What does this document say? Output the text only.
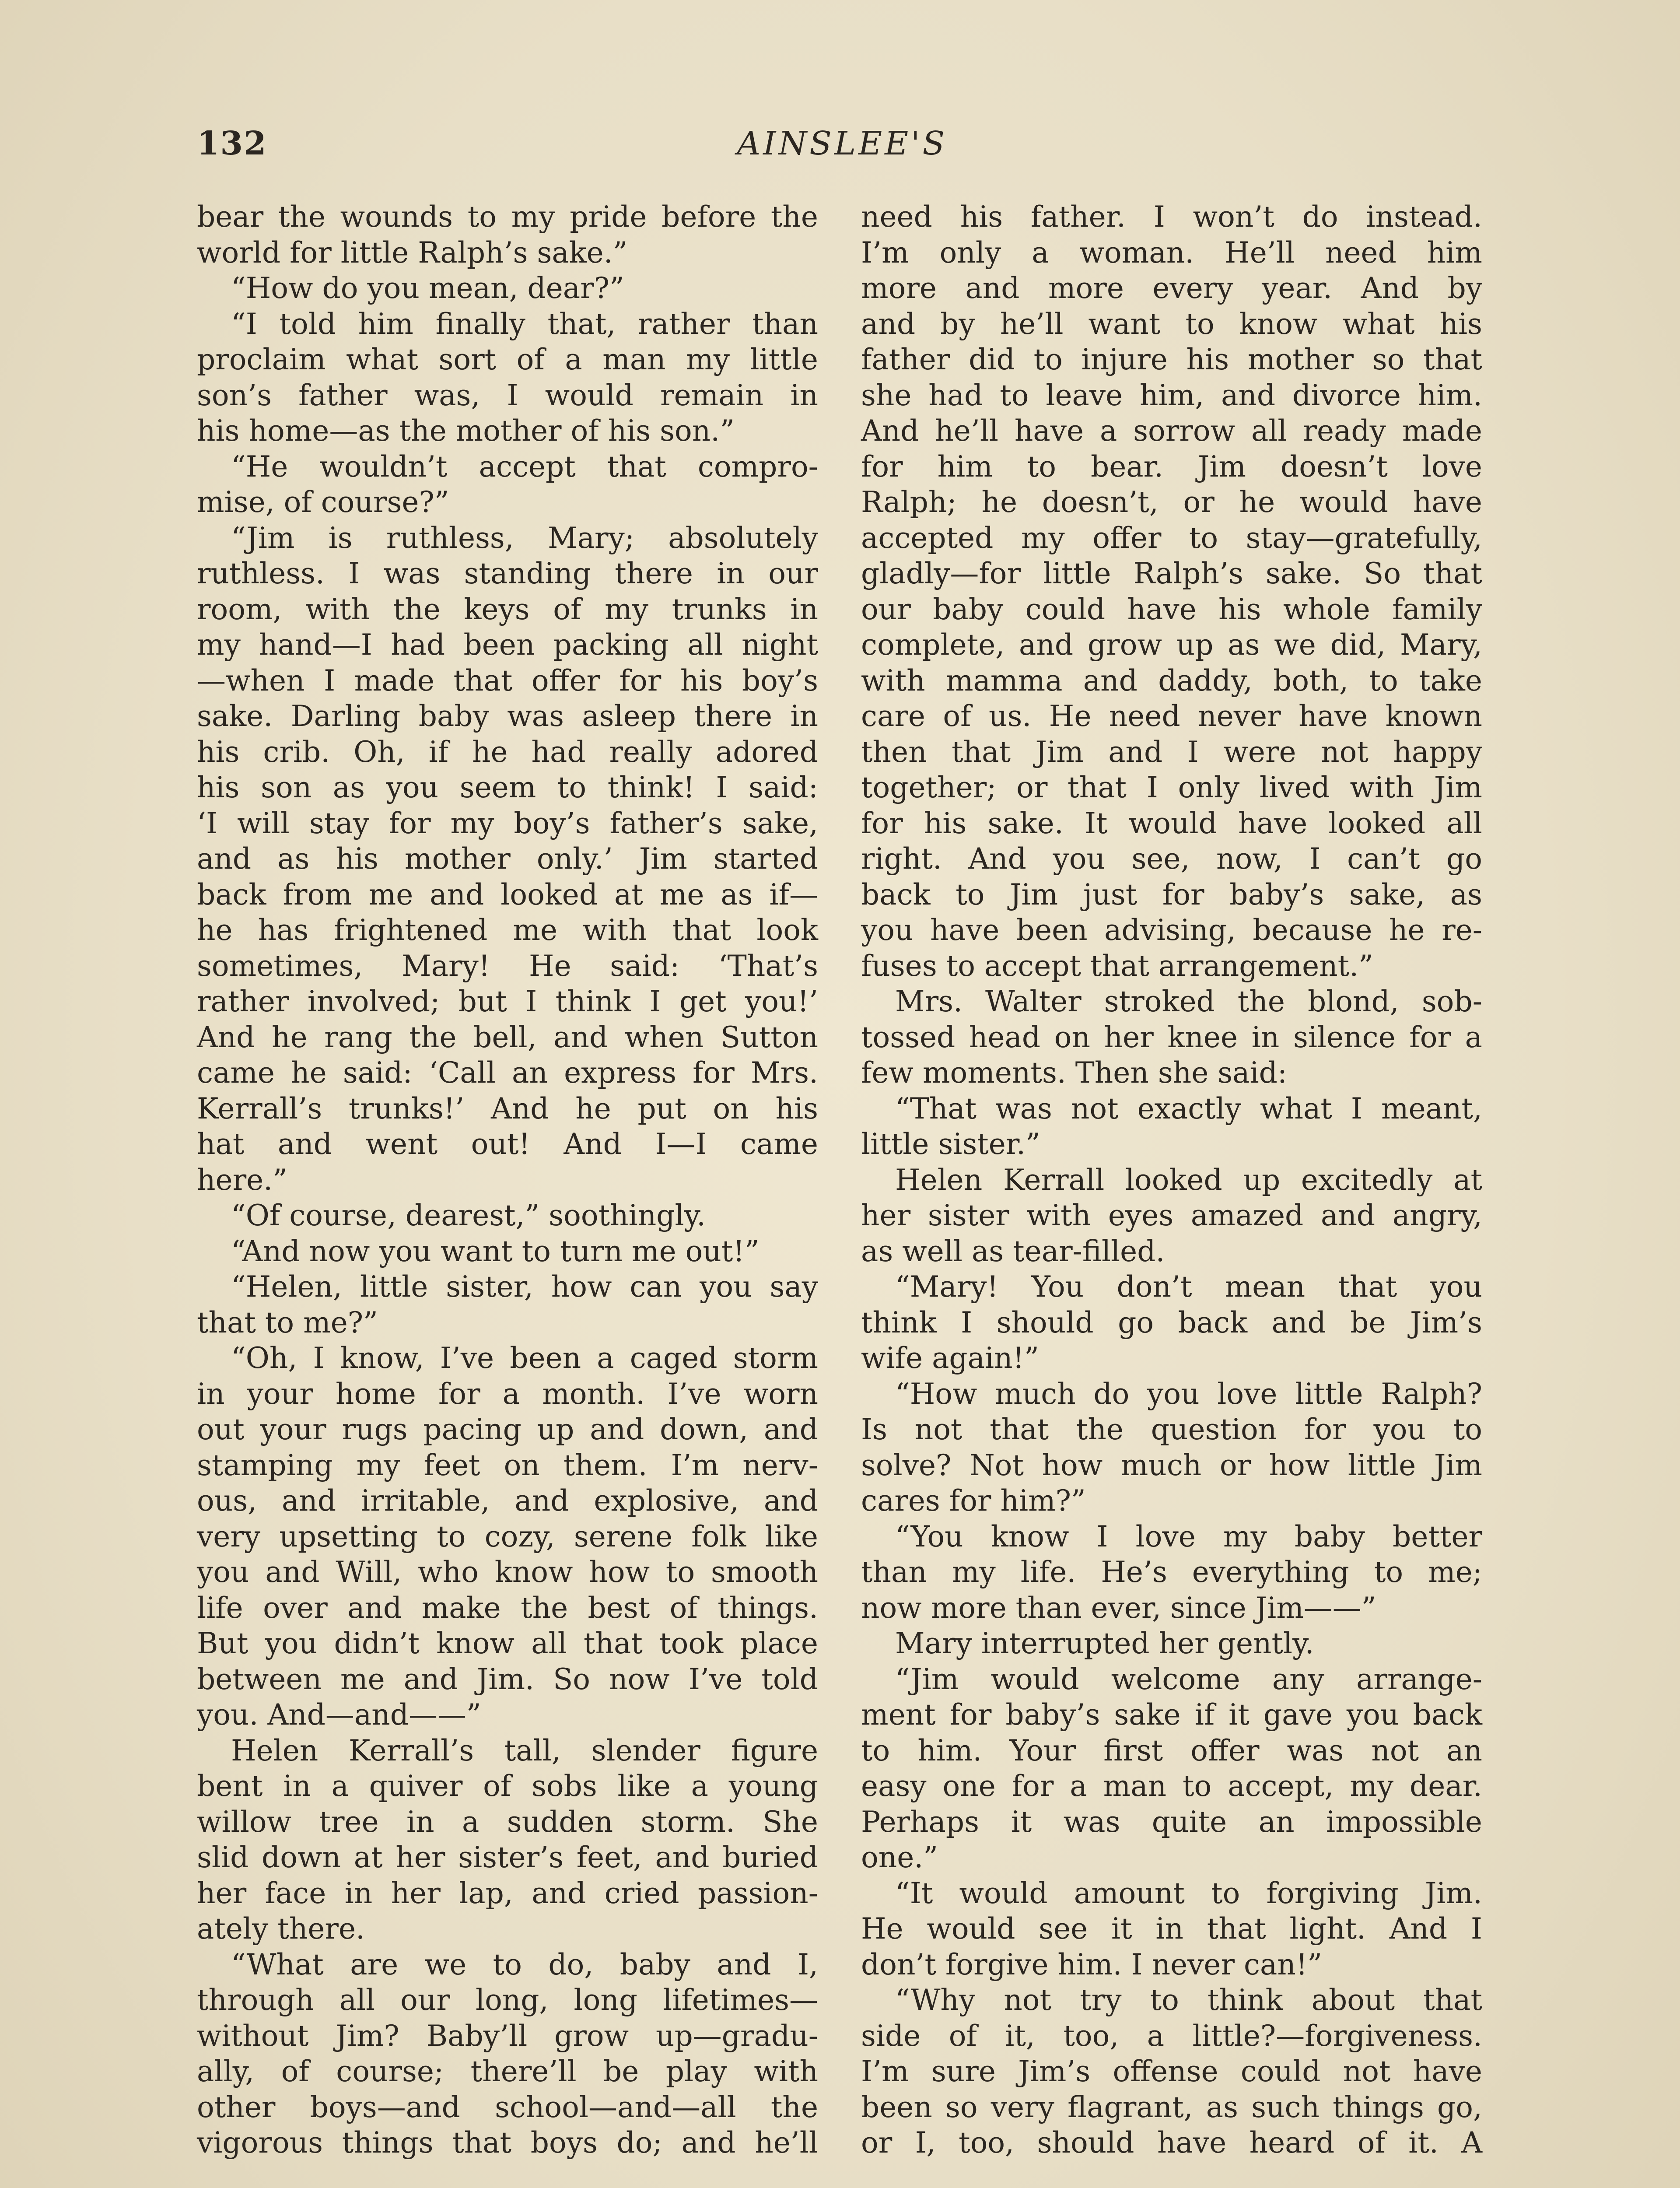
132	AINSLEE'S
bear the wounds to my pride before the
world for little Ralph’s sake.”
“How do you mean, dear?”
“I told him finally that, rather than
proclaim what sort of a man my little
son’s father was, I would remain in
his home—as the mother of his son.”
“He wouldn’t accept that compro-
mise, of course?”
“Jim is ruthless, Mary; absolutely
ruthless. I was standing there in our
room, with the keys of my trunks in
my hand—I had been packing all night
—when I made that offer for his boy’s
sake. Darling baby was asleep there in
his crib. Oh, if he had really adored
his son as you seem to think! I said:
‘I will stay for my boy’s father’s sake,
and as his mother only.’ Jim started
back from me and looked at me as if—
he has frightened me with that look
sometimes, Mary! He said: ‘That’s
rather involved; but I think I get you!’
And he rang the bell, and when Sutton
came he said: ‘Call an express for Mrs.
Kerrall’s trunks!’ And he put on his
hat and went out! And I—I came
here.”
“Of course, dearest,” soothingly.
“And now you want to turn me out!”
“Helen, little sister, how can you say
that to me?”
“Oh, I know, I’ve been a caged storm
in your home for a month. I’ve worn
out your rugs pacing up and down, and
stamping my feet on them. I’m nerv-
ous, and irritable, and explosive, and
very upsetting to cozy, serene folk like
you and Will, who know how to smooth
life over and make the best of things.
But you didn’t know all that took place
between me and Jim. So now I’ve told
you. And—and——”
Helen Kerrall’s tall, slender figure
bent in a quiver of sobs like a young
willow tree in a sudden storm. She
slid down at her sister’s feet, and buried
her face in her lap, and cried passion-
ately there.
“What are we to do, baby and I,
through all our long, long lifetimes—
without Jim? Baby’ll grow up—gradu-
ally, of course; there’ll be play with
other boys—and school—and—all the
vigorous things that boys do; and he’ll
need his father. I won’t do instead.
I’m only a woman. He’ll need him
more and more every year. And by
and by he’ll want to know what his
father did to injure his mother so that
she had to leave him, and divorce him.
And he’ll have a sorrow all ready made
for him to bear. Jim doesn’t love
Ralph; he doesn’t, or he would have
accepted my offer to stay—gratefully,
gladly—for little Ralph’s sake. So that
our baby could have his whole family
complete, and grow up as we did, Mary,
with mamma and daddy, both, to take
care of us. He need never have known
then that Jim and I were not happy
together; or that I only lived with Jim
for his sake. It would have looked all
right. And you see, now, I can’t go
back to Jim just for baby’s sake, as
you have been advising, because he re-
fuses to accept that arrangement.”
Mrs. Walter stroked the blond, sob-
tossed head on her knee in silence for a
few moments. Then she said:
“That was not exactly what I meant,
little sister.”
Helen Kerrall looked up excitedly at
her sister with eyes amazed and angry,
as well as tear-filled.
“Mary! You don’t mean that you
think I should go back and be Jim’s
wife again!”
“How much do you love little Ralph?
Is not that the question for you to
solve? Not how much or how little Jim
cares for him?”
“You know I love my baby better
than my life. He’s everything to me;
now more than ever, since Jim——”
Mary interrupted her gently.
“Jim would welcome any arrange-
ment for baby’s sake if it gave you back
to him. Your first offer was not an
easy one for a man to accept, my dear.
Perhaps it was quite an impossible
one.”
“It would amount to forgiving Jim.
He would see it in that light. And I
don’t forgive him. I never can!”
“Why not try to think about that
side of it, too, a little?—forgiveness.
I’m sure Jim’s offense could not have
been so very flagrant, as such things go,
or I, too, should have heard of it. A
